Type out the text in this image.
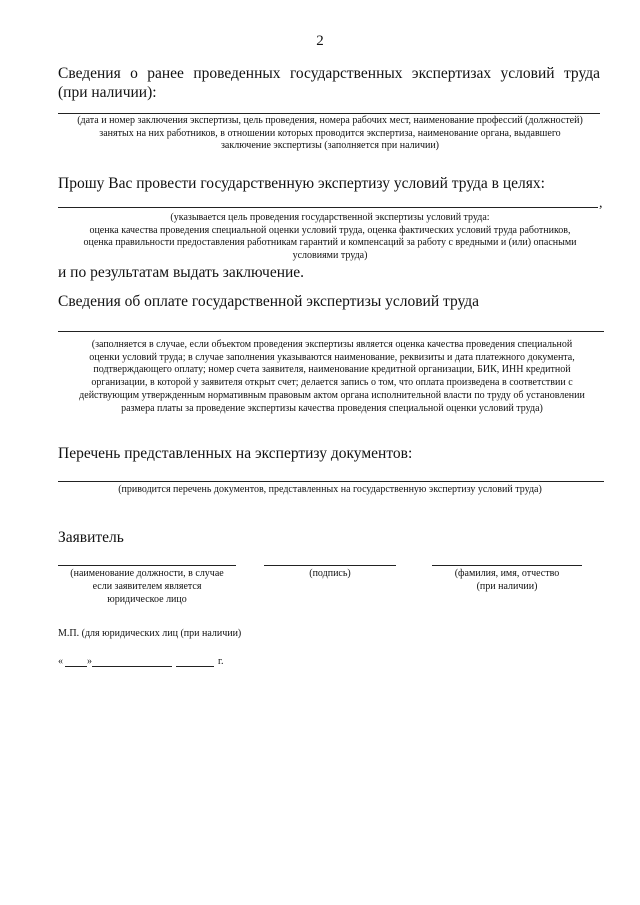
2
Сведения о ранее проведенных государственных экспертизах условий труда
(при наличии):
(дата и номер заключения экспертизы, цель проведения, номера рабочих мест, наименование профессий (должностей)
занятых на них работников, в отношении которых проводится экспертиза, наименование органа, выдавшего
заключение экспертизы (заполняется при наличии)
Прошу Вас провести государственную экспертизу условий труда в целях:
,
(указывается цель проведения государственной экспертизы условий труда:
оценка качества проведения специальной оценки условий труда, оценка фактических условий труда работников,
оценка правильности предоставления работникам гарантий и компенсаций за работу с вредными и (или) опасными
условиями труда)
и по результатам выдать заключение.
Сведения об оплате государственной экспертизы условий труда
(заполняется в случае, если объектом проведения экспертизы является оценка качества проведения специальной
оценки условий труда; в случае заполнения указываются наименование, реквизиты и дата платежного документа,
подтверждающего оплату; номер счета заявителя, наименование кредитной организации, БИК, ИНН кредитной
организации, в которой у заявителя открыт счет; делается запись о том, что оплата произведена в соответствии с
действующим утвержденным нормативным правовым актом органа исполнительной власти по труду об установлении
размера платы за проведение экспертизы качества проведения специальной оценки условий труда)
Перечень представленных на экспертизу документов:
(приводится перечень документов, представленных на государственную экспертизу условий труда)
Заявитель
(наименование должности, в случае
если заявителем является
юридическое лицо
(подпись)	(фамилия, имя, отчество
(при наличии)
М.П. (для юридических лиц (при наличии)
« »	г.
